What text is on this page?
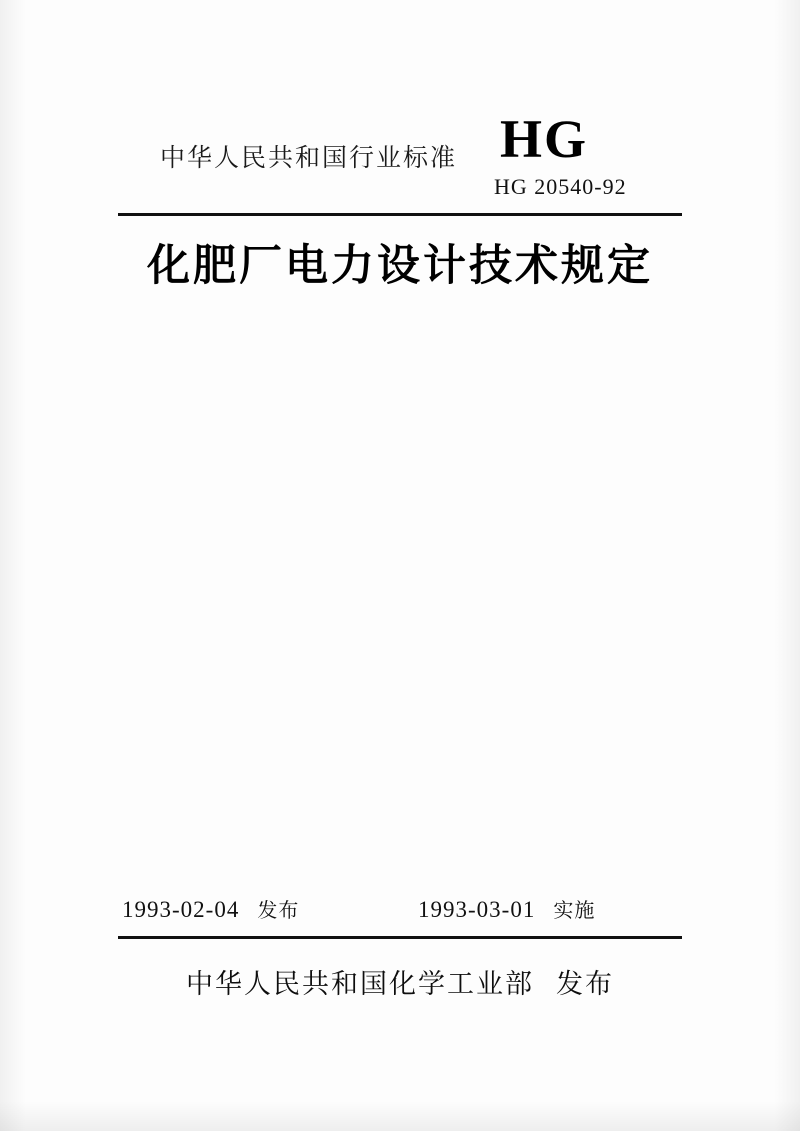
中华人民共和国行业标准 HG
HG 20540-92
化肥厂电力设计技术规定
1993-02-04 发布	1993-03-01 实施
中华人民共和国化学工业部 发布
